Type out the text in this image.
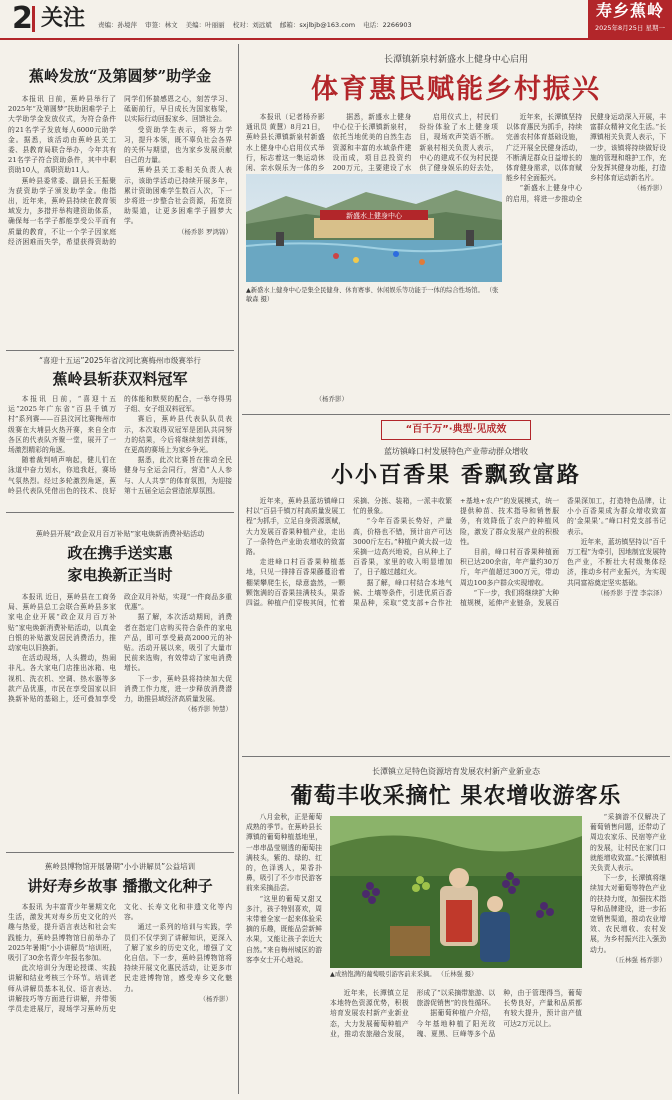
2 关注 责编：孙境萍 审签：林文 美编：叶丽丽 校对：刘远斌 邮箱：sxjlbjb@163.com 电话：2266903
寿乡蕉岭
2025年8月25日 星期一
蕉岭发放“及第圆梦”助学金

本报讯 日前，蕉岭县举行了2025年“及第圆梦”扶助困难学子上大学助学金发放仪式，为符合条件的21名学子发放每人6000元助学金。据悉，该活动由蕉岭县关工委、县教育局联合举办，今年共有21名学子符合资助条件，其中中职资助10人，高职资助11人。

蕉岭县委常委、副县长王振聚为获资助学子颁发助学金。他指出，近年来，蕉岭县持续在教育领域发力，多措并举构建资助体系，确保每一名学子都能享受公平而有质量的教育，不让一个学子因家庭经济困难而失学，希望获得资助的同学们怀揣感恩之心，刻苦学习、砥砺前行，早日成长为国家栋梁，以实际行动回报家乡、回馈社会。

受资助学生表示，将努力学习，提升本领，既不辜负社会各界的关怀与期望，也为家乡发展贡献自己的力量。

蕉岭县关工委相关负责人表示，该助学活动已持续开展多年，累计资助困难学生数百人次，下一步将进一步整合社会资源，拓宽资助渠道，让更多困难学子圆梦大学。

（杨乔影 罗鸿锦）
“喜迎十五运”2025年省汶河比赛梅州市级赛举行
蕉岭县斩获双料冠军

本报讯 日前，“喜迎十五运”2025年广东省“百县千镇万村”系列赛——百县汶河比赛梅州市级赛在大埔县火热开赛，来自全市各区的代表队齐聚一堂，展开了一场激烈精彩的角逐。

随着裁判哨声响起，健儿们在泳道中奋力划水，你追我赶，赛场气氛热烈。经过多轮激烈角逐，蕉岭县代表队凭借出色的技术、良好的体能和默契的配合，一举夺得男子组、女子组双料冠军。

赛后，蕉岭县代表队队员表示，本次取得双冠军是团队共同努力的结果，今后将继续刻苦训练，在更高的赛场上为家乡争光。

据悉，此次比赛旨在推动全民健身与全运会同行，营造“人人参与、人人共享”的体育氛围，为迎接第十五届全运会营造浓厚氛围。

（杨乔影）
蕉岭县开展“政企双月百万补贴”家电焕新消费补贴活动
政在携手送实惠
家电换新正当时

本报讯 近日，蕉岭县在工商务局、蕉岭县总工会联合蕉岭县多家家电企业开展“政企双月百万补贴”家电焕新消费补贴活动，以真金白银的补贴激发居民消费活力，推动家电以旧换新。

在活动现场，人头攒动，热闹非凡。各大家电门店推出冰箱、电视机、洗衣机、空调、热水器等多款产品优惠，市民在享受国家以旧换新补贴的基础上，还可叠加享受政企双月补贴，实现“一件商品多重优惠”。

据了解，本次活动期间，消费者在指定门店购买符合条件的家电产品，即可享受最高2000元的补贴。活动开展以来，吸引了大量市民前来选购，有效带动了家电消费增长。

下一步，蕉岭县将持续加大促消费工作力度，进一步释放消费潜力，助推县域经济高质量发展。

（杨乔影 钟慧）
蕉岭县博物馆开展暑期“小小讲解员”公益培训
讲好寿乡故事 播撒文化种子

本报讯 为丰富青少年暑期文化生活，激发其对寿乡历史文化的兴趣与热爱，提升语言表达和社会实践能力，蕉岭县博物馆日前举办了2025年暑期“小小讲解员”培训班，吸引了30余名青少年报名参加。

此次培训分为理论授课、实践讲解和结业考核三个环节。培训老师从讲解员基本礼仪、语言表达、讲解技巧等方面进行讲解，并带领学员走进展厅，现场学习蕉岭历史文化、长寿文化和非遗文化等内容。

通过一系列的培训与实践，学员们不仅学到了讲解知识，更深入了解了家乡的历史文化，增强了文化自信。下一步，蕉岭县博物馆将持续开展文化惠民活动，让更多市民走进博物馆，感受寿乡文化魅力。

（杨乔影）
长潭镇新泉村新盛水上健身中心启用
体育惠民赋能乡村振兴

本报讯（记者杨乔影 通讯员 黄慧）8月21日，蕉岭县长潭镇新泉村新盛水上健身中心启用仪式举行，标志着这一集运动休闲、亲水娱乐为一体的乡

据悉，新盛水上健身中心位于长潭镇新泉村，依托当地优美的自然生态资源和丰富的水域条件建设而成，项目总投资约200万元，主要建设了水

启用仪式上，村民们纷纷体验了水上健身项目，现场欢声笑语不断。新泉村相关负责人表示，中心的建成不仅为村民提供了健身娱乐的好去处，

近年来，长潭镇坚持以体育惠民为抓手，持续完善农村体育基础设施，广泛开展全民健身活动，不断满足群众日益增长的体育健身需求，以体育赋能乡村全面振兴。

“新盛水上健身中心的启用，将进一步推动全民健身运动深入开展，丰富群众精神文化生活。”长潭镇相关负责人表示，下一步，该镇将持续做好设施的管理和维护工作，充分发挥其健身功能，打造乡村体育运动新名片。

（杨乔影）
新盛水上健身中心
▲新盛水上健身中心是集全民健身、休育赛事、休闲娱乐等功能于一体的综合性场馆。 （张敏森 摄）
“百千万”·典型·见成效
蓝坊镇峰口村发展特色产业带动群众增收
小小百香果 香飘致富路

近年来，蕉岭县蓝坊镇峰口村以“百县千镇万村高质量发展工程”为抓手，立足自身资源禀赋，大力发展百香果种植产业，走出了一条特色产业助农增收的致富路。

走进峰口村百香果种植基地，只见一排排百香果藤蔓沿着棚架攀爬生长，绿意盎然，一颗颗饱满的百香果挂满枝头，果香四溢。种植户们穿梭其间，忙着采摘、分拣、装箱，一派丰收繁忙的景象。

“今年百香果长势好，产量高，价格也不错，预计亩产可达3000斤左右。”种植户黄大叔一边采摘一边高兴地说，自从种上了百香果，家里的收入明显增加了，日子越过越红火。

据了解，峰口村结合本地气候、土壤等条件，引进优质百香果品种，采取“党支部+合作社+基地+农户”的发展模式，统一提供种苗、技术指导和销售服务，有效降低了农户的种植风险，激发了群众发展产业的积极性。

目前，峰口村百香果种植面积已达200余亩，年产量约30万斤，年产值超过300万元，带动周边100多户群众实现增收。

“下一步，我们将继续扩大种植规模，延伸产业链条，发展百香果深加工，打造特色品牌，让小小百香果成为群众增收致富的‘金果果’。”峰口村党支部书记表示。

近年来，蓝坊镇坚持以“百千万工程”为牵引，因地制宜发展特色产业，不断壮大村级集体经济，推动乡村产业振兴，为实现共同富裕奠定坚实基础。

（杨乔影 于滢 李宗泽）
长潭镇立足特色资源培育发展农村新产业新业态
葡萄丰收采摘忙 果农增收游客乐

八月金秋，正是葡萄成熟的季节。在蕉岭县长潭镇的葡萄种植基地里，一串串晶莹剔透的葡萄挂满枝头，紫的、绿的、红的，色泽诱人，果香扑鼻，吸引了不少市民游客前来采摘品尝。

“这里的葡萄又甜又多汁，孩子特别喜欢，周末带着全家一起来体验采摘的乐趣，既能品尝新鲜水果，又能让孩子亲近大自然。”来自梅州城区的游客李女士开心地说。

近年来，长潭镇立足本地特色资源优势，积极培育发展农村新产业新业态，大力发展葡萄种植产业，推动农旅融合发展，形成了“以采摘带旅游、以旅游促销售”的良性循环。

据葡萄种植户介绍，今年基地种植了阳光玫瑰、夏黑、巨峰等多个品种，由于管理得当，葡萄长势良好，产量和品质都有较大提升，预计亩产值可达2万元以上。

“采摘游不仅解决了葡萄销售问题，还带动了周边农家乐、民宿等产业的发展，让村民在家门口就能增收致富。”长潭镇相关负责人表示。

下一步，长潭镇将继续加大对葡萄等特色产业的扶持力度，加强技术指导和品牌建设，进一步拓宽销售渠道，推动农业增效、农民增收、农村发展，为乡村振兴注入强劲动力。

（丘林强 杨乔影）
▲成熟饱满的葡萄吸引游客前来采摘。 （丘林强 摄）
